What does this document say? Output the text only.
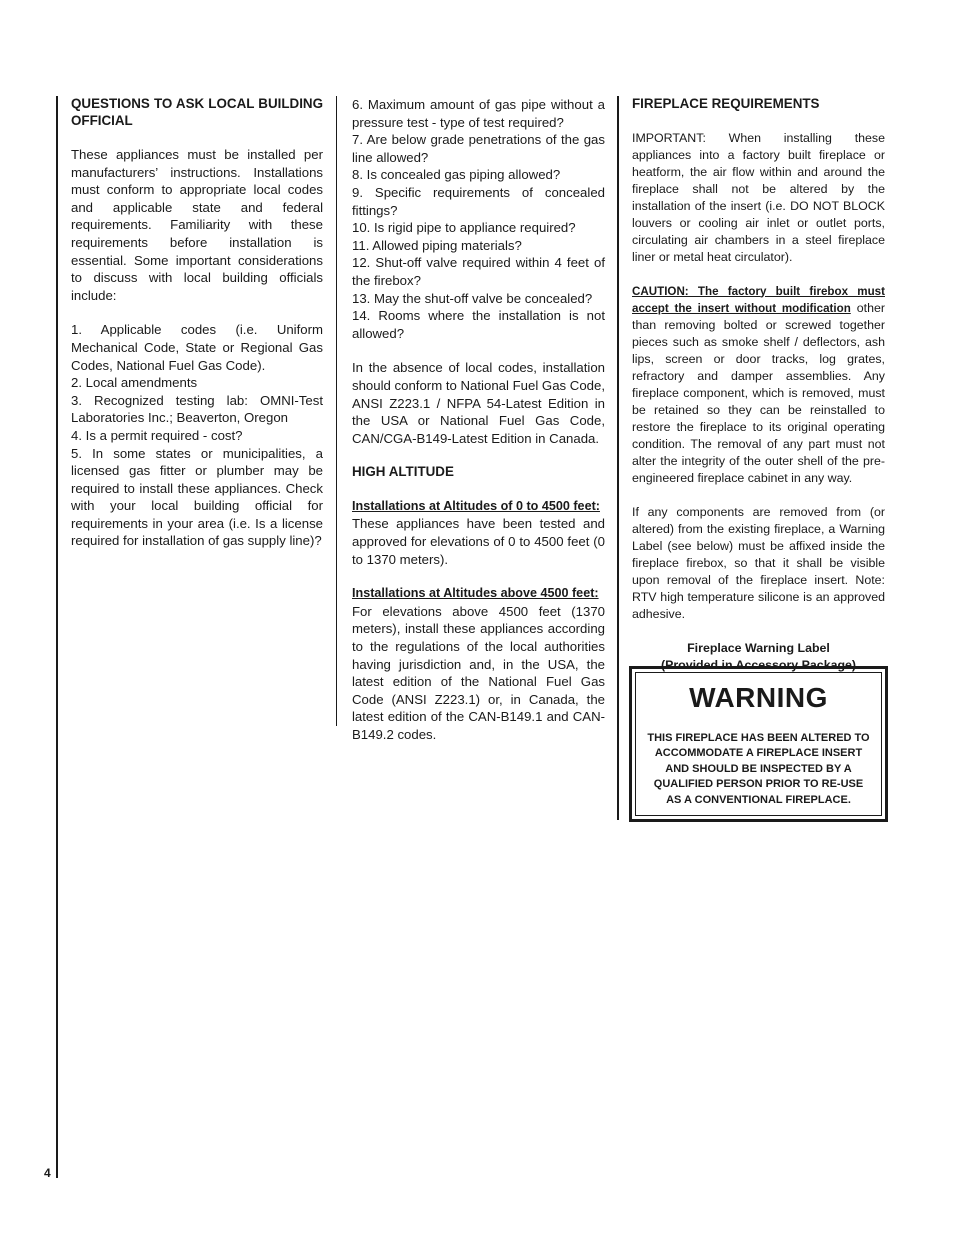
QUESTIONS TO ASK LOCAL BUILDING OFFICIAL

These appliances must be installed per manufacturers’ instructions. Installations must conform to appropriate local codes and applicable state and federal requirements. Familiarity with these requirements before installation is essential. Some important considerations to discuss with local building officials include:

1. Applicable codes (i.e. Uniform Mechanical Code, State or Regional Gas Codes, National Fuel Gas Code).

2. Local amendments

3. Recognized testing lab: OMNI-Test Laboratories Inc.; Beaverton, Oregon

4. Is a permit required - cost?

5. In some states or municipalities, a licensed gas fitter or plumber may be required to install these appliances. Check with your local building official for requirements in your area (i.e. Is a license required for installation of gas supply line)?

6. Maximum amount of gas pipe without a pressure test - type of test required?

7. Are below grade penetrations of the gas line allowed?

8. Is concealed gas piping allowed?

9. Specific requirements of concealed fittings?

10. Is rigid pipe to appliance required?

11. Allowed piping materials?

12. Shut-off valve required within 4 feet of the firebox?

13. May the shut-off valve be concealed?

14. Rooms where the installation is not allowed?

In the absence of local codes, installation should conform to National Fuel Gas Code, ANSI Z223.1 / NFPA 54-Latest Edition in the USA or National Fuel Gas Code, CAN/CGA-B149-Latest Edition in Canada.

HIGH ALTITUDE

Installations at Altitudes of 0 to 4500 feet:

These appliances have been tested and approved for elevations of 0 to 4500 feet (0 to 1370 meters).

Installations at Altitudes above 4500 feet:

For elevations above 4500 feet (1370 meters), install these appliances according to the regulations of the local authorities having jurisdiction and, in the USA, the latest edition of the National Fuel Gas Code (ANSI Z223.1) or, in Canada, the latest edition of the CAN-B149.1 and CAN-B149.2 codes.

FIREPLACE REQUIREMENTS

IMPORTANT: When installing these appliances into a factory built fireplace or heatform, the air flow within and around the fireplace shall not be altered by the installation of the insert (i.e. DO NOT BLOCK louvers or cooling air inlet or outlet ports, circulating air chambers in a steel fireplace liner or metal heat circulator).

CAUTION: The factory built firebox must accept the insert without modification other than removing bolted or screwed together pieces such as smoke shelf / deflectors, ash lips, screen or door tracks, log grates, refractory and damper assemblies. Any fireplace component, which is removed, must be retained so they can be reinstalled to restore the fireplace to its original operating condition. The removal of any part must not alter the integrity of the outer shell of the pre-engineered fireplace cabinet in any way.

If any components are removed from (or altered) from the existing fireplace, a Warning Label (see below) must be affixed inside the fireplace firebox, so that it shall be visible upon removal of the fireplace insert. Note: RTV high temperature silicone is an approved adhesive.

Fireplace Warning Label

(Provided in Accessory Package)

WARNING
THIS FIREPLACE HAS BEEN ALTERED TO ACCOMMODATE A FIREPLACE INSERT AND SHOULD BE INSPECTED BY A QUALIFIED PERSON PRIOR TO RE-USE AS A CONVENTIONAL FIREPLACE.
4
